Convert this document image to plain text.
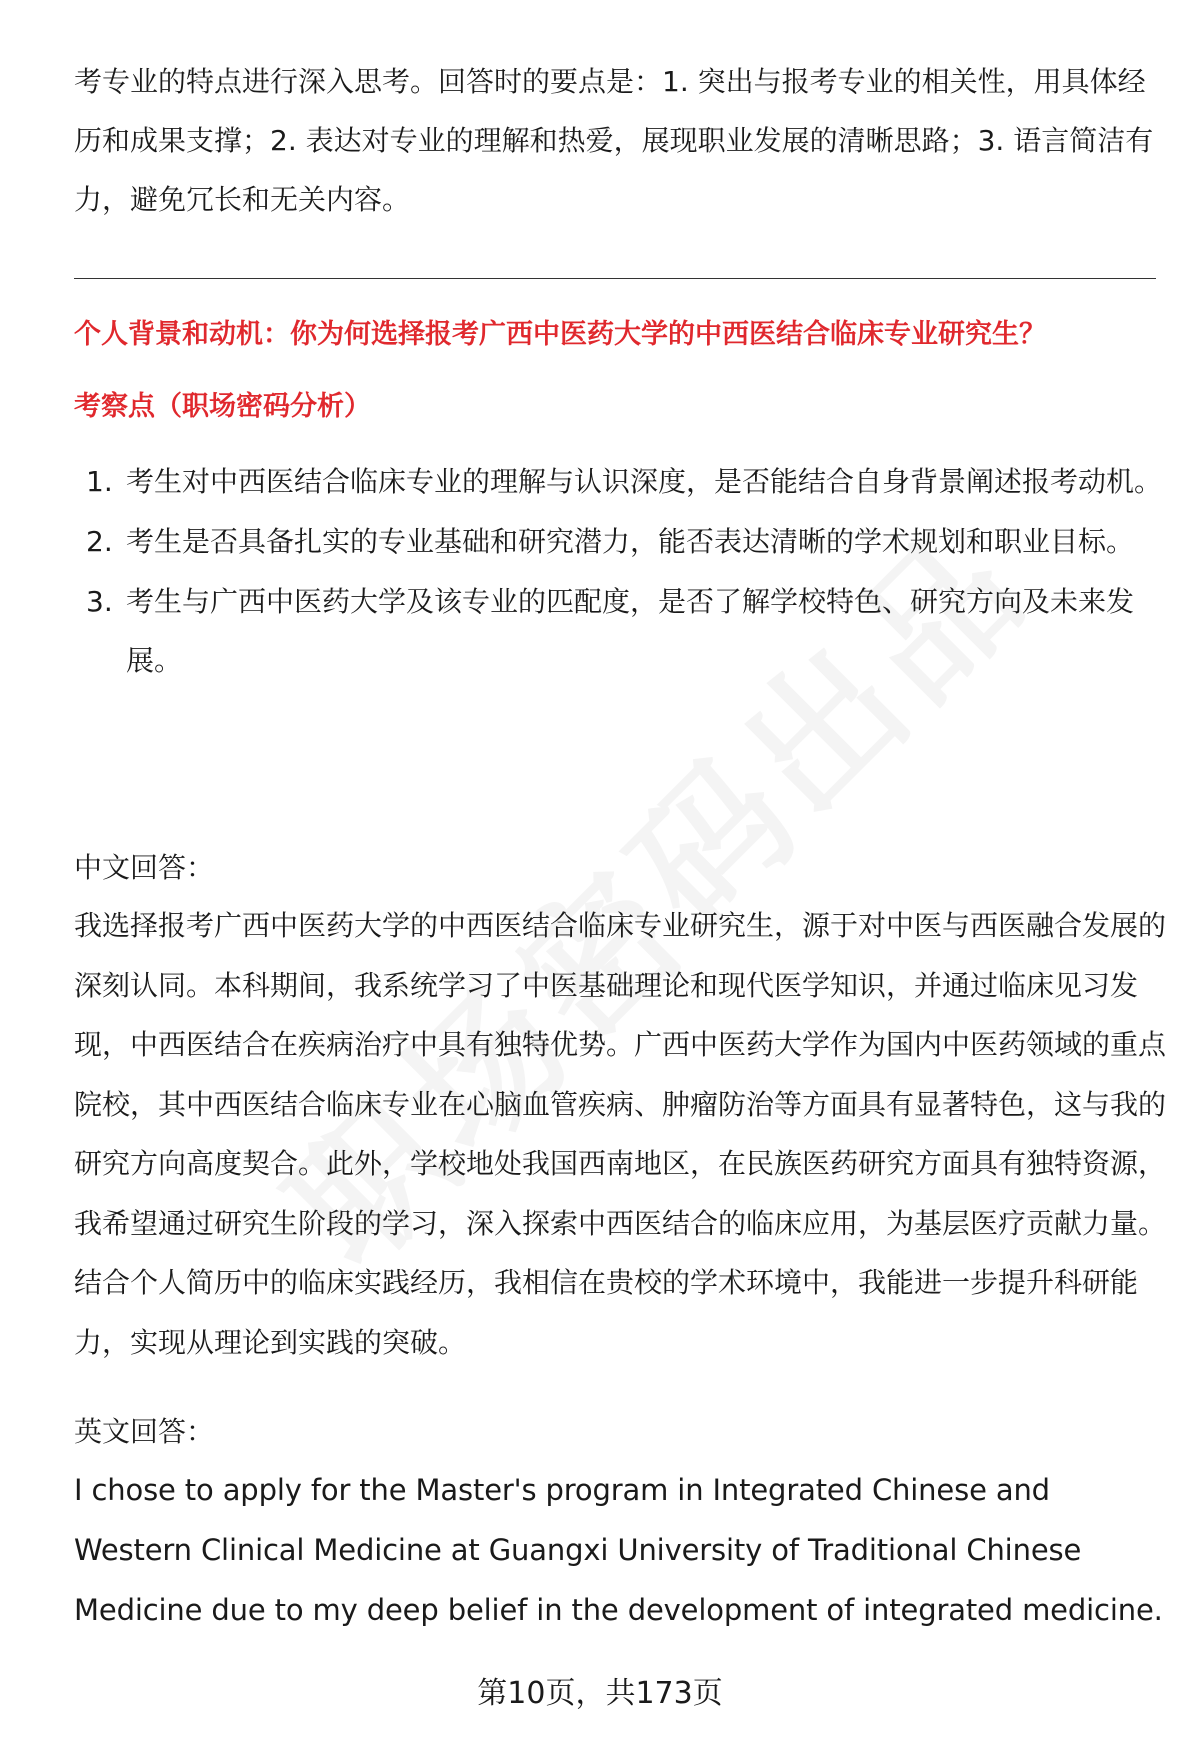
考专业的特点进行深入思考。回答时的要点是：1. 突出与报考专业的相关性，用具体经历和成果支撑；2. 表达对专业的理解和热爱，展现职业发展的清晰思路；3. 语言简洁有力，避免冗长和无关内容。

个人背景和动机：你为何选择报考广西中医药大学的中西医结合临床专业研究生？

考察点（职场密码分析）

1. 考生对中西医结合临床专业的理解与认识深度，是否能结合自身背景阐述报考动机。
2. 考生是否具备扎实的专业基础和研究潜力，能否表达清晰的学术规划和职业目标。
3. 考生与广西中医药大学及该专业的匹配度，是否了解学校特色、研究方向及未来发展。

中文回答：

我选择报考广西中医药大学的中西医结合临床专业研究生，源于对中医与西医融合发展的深刻认同。本科期间，我系统学习了中医基础理论和现代医学知识，并通过临床见习发现，中西医结合在疾病治疗中具有独特优势。广西中医药大学作为国内中医药领域的重点院校，其中西医结合临床专业在心脑血管疾病、肿瘤防治等方面具有显著特色，这与我的研究方向高度契合。此外，学校地处我国西南地区，在民族医药研究方面具有独特资源，我希望通过研究生阶段的学习，深入探索中西医结合的临床应用，为基层医疗贡献力量。结合个人简历中的临床实践经历，我相信在贵校的学术环境中，我能进一步提升科研能力，实现从理论到实践的突破。

英文回答：

I chose to apply for the Master's program in Integrated Chinese and Western Clinical Medicine at Guangxi University of Traditional Chinese Medicine due to my deep belief in the development of integrated medicine.

第10页，共173页
